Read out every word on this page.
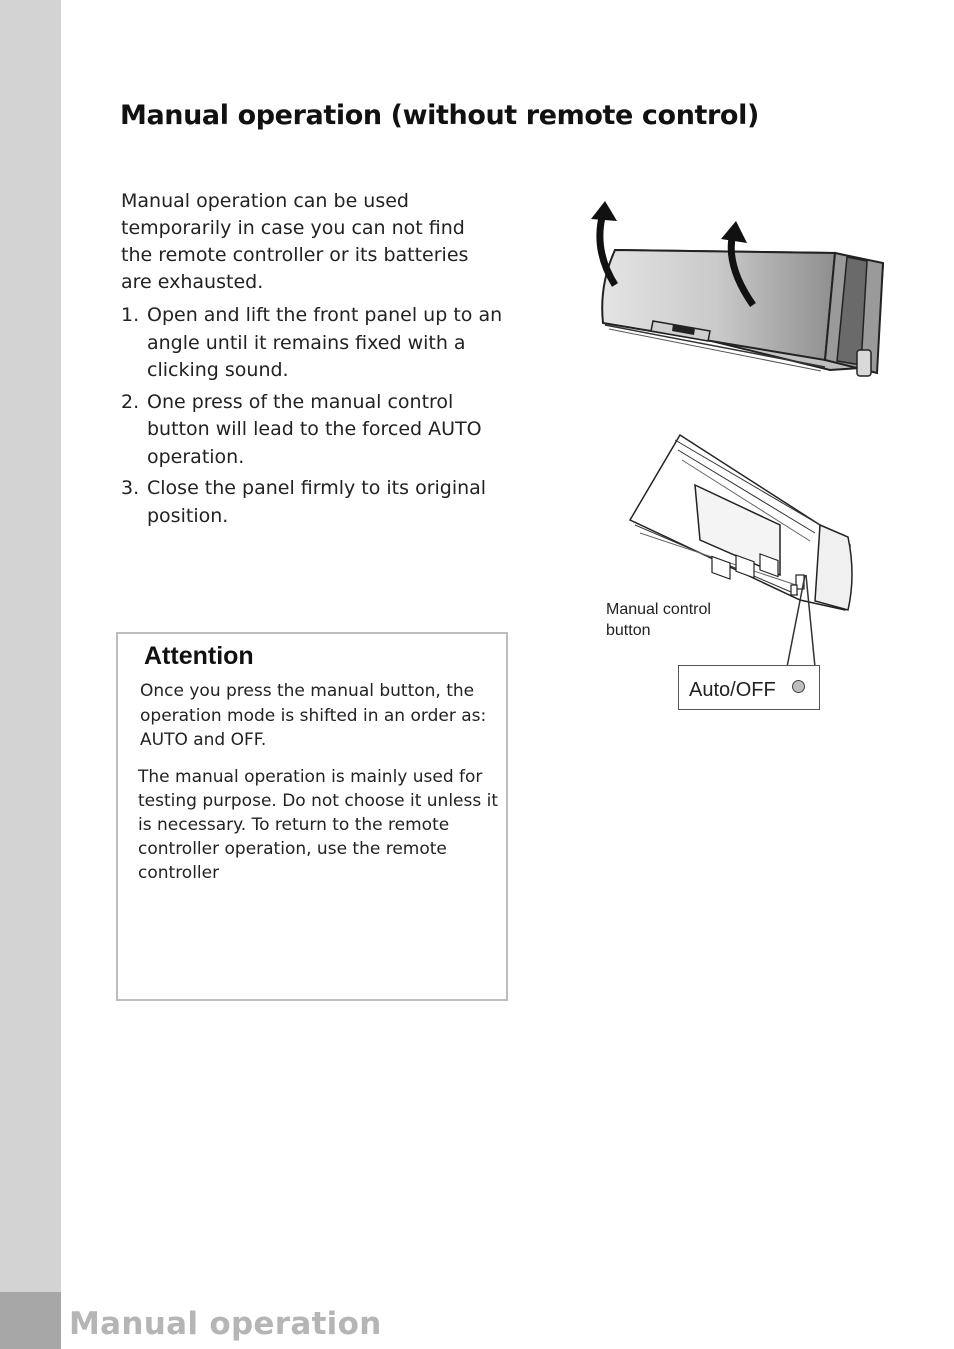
Manual operation
Manual operation (without remote control)

Manual operation can be used temporarily in case you can not find the remote controller or its batteries are exhausted.

1. Open and lift the front panel up to an angle until it remains fixed with a clicking sound.
2. One press of the manual control button will lead to the forced AUTO operation.
3. Close the panel firmly to its original position.
Attention

Once you press the manual button, the operation mode is shifted in an order as: AUTO and OFF.

The manual operation is mainly used for testing purpose. Do not choose it unless it is necessary. To return to the remote controller operation, use the remote controller

Manual control button
Auto/OFF
